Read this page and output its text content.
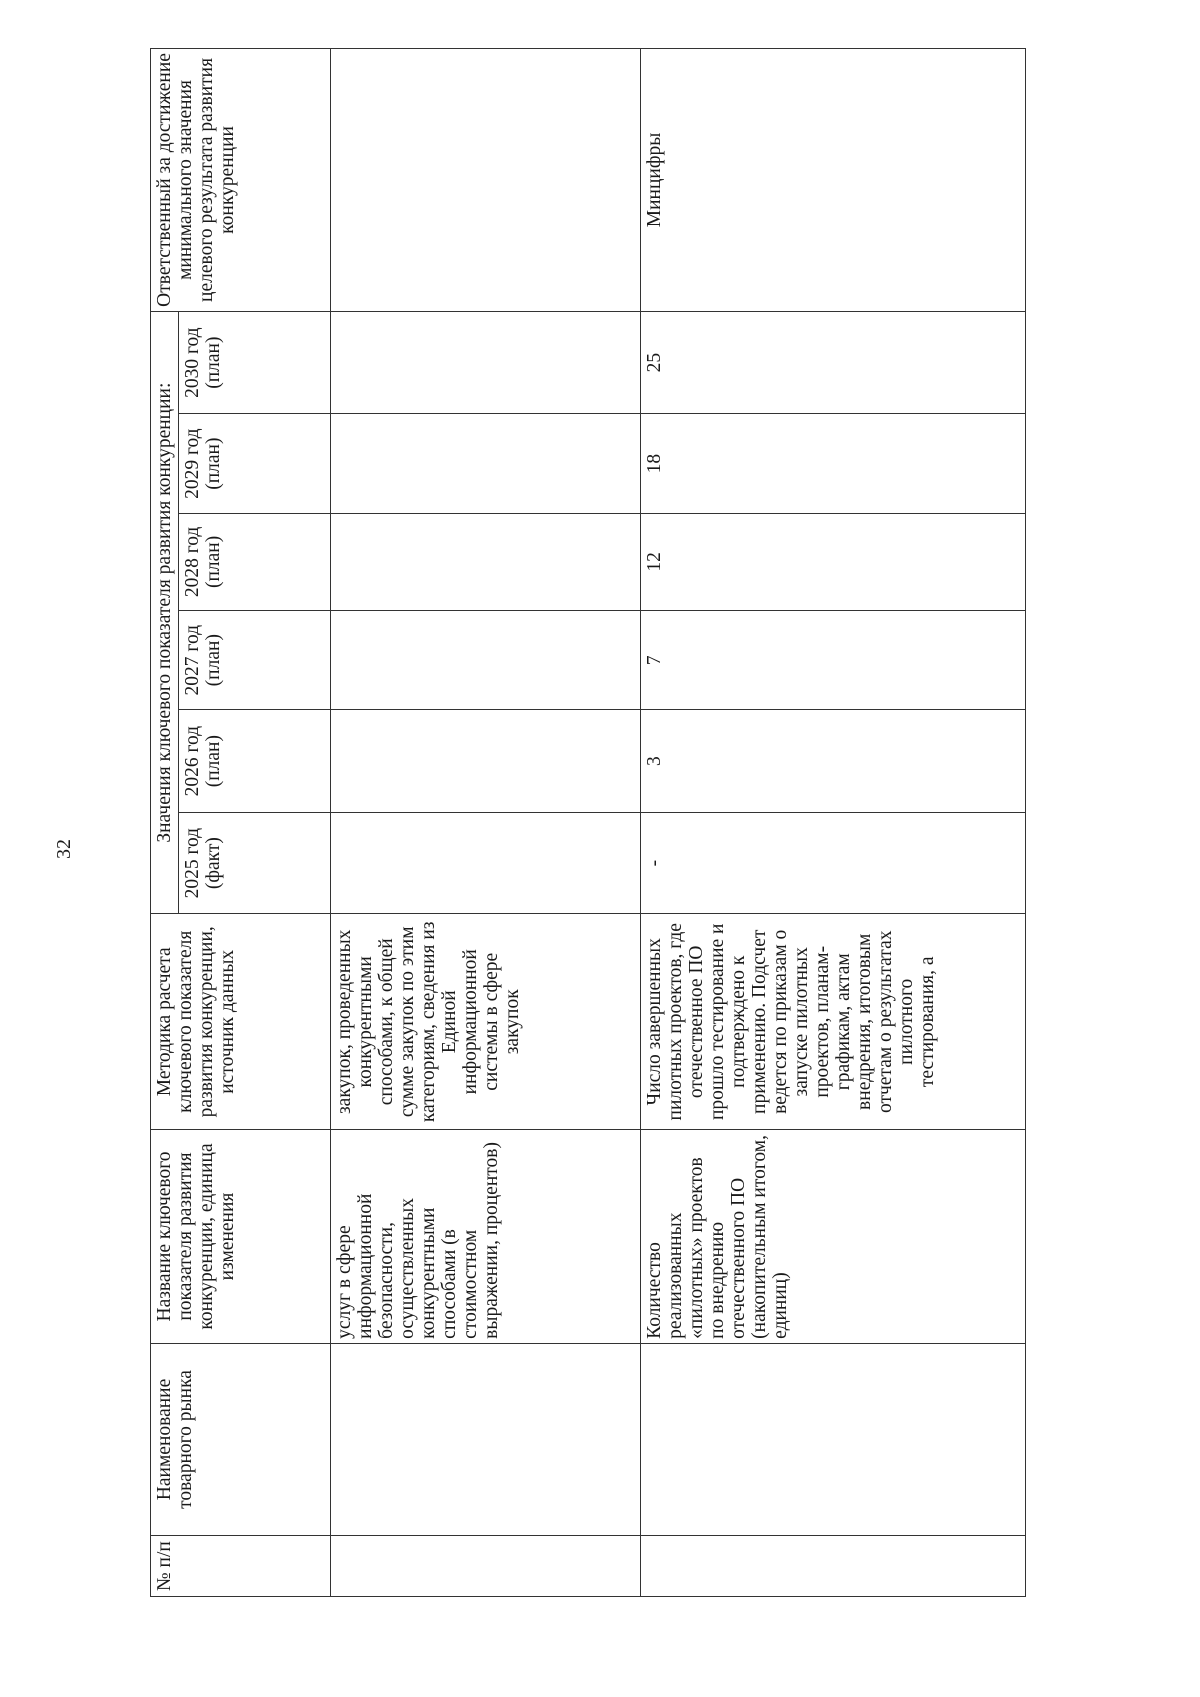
32
№ п/п	Наименование товарного рынка	Название ключевого показателя развития конкуренции, единица изменения	Методика расчета ключевого показателя развития конкуренции, источник данных	Значения ключевого показателя развития конкуренции:						Ответственный за достижение минимального значения целевого результата развития конкуренции
				2025 год (факт)	2026 год (план)	2027 год (план)	2028 год (план)	2029 год (план)	2030 год (план)	
		услуг в сфере информационной безопасности, осуществленных конкурентными способами (в стоимостном выражении, процентов)	закупок, проведенных конкурентными способами, к общей сумме закупок по этим категориям, сведения из Единой информационной системы в сфере закупок							
		Количество реализованных «пилотных» проектов по внедрению отечественного ПО (накопительным итогом, единиц)	Число завершенных пилотных проектов, где отечественное ПО прошло тестирование и подтверждено к применению. Подсчет ведется по приказам о запуске пилотных проектов, планам-графикам, актам внедрения, итоговым отчетам о результатах пилотного тестирования, а	-	3	7	12	18	25	Минцифры
